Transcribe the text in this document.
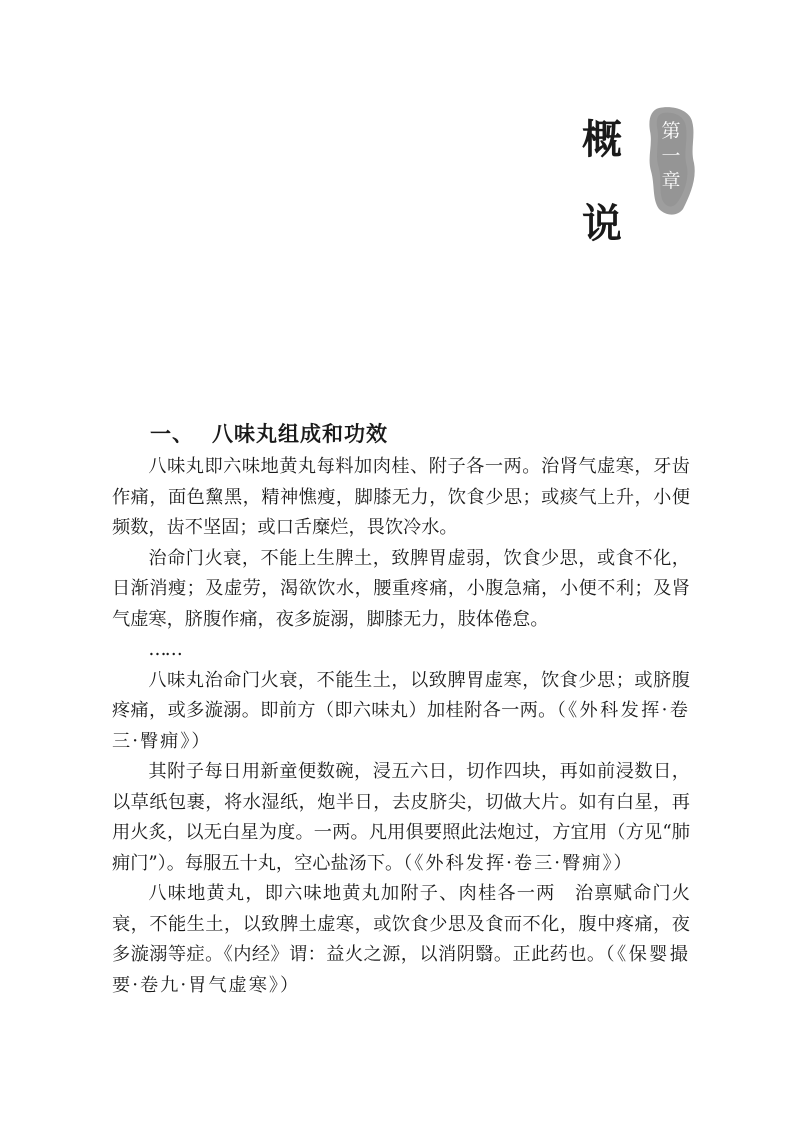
概
说
第
一
章
一、 八味丸组成和功效

八味丸即六味地黄丸每料加肉桂、附子各一两。治肾气虚寒，牙齿作痛，面色黧黑，精神憔瘦，脚膝无力，饮食少思；或痰气上升，小便频数，齿不坚固；或口舌糜烂，畏饮冷水。

治命门火衰，不能上生脾土，致脾胃虚弱，饮食少思，或食不化，日渐消瘦；及虚劳，渴欲饮水，腰重疼痛，小腹急痛，小便不利；及肾气虚寒，脐腹作痛，夜多旋溺，脚膝无力，肢体倦怠。

……

八味丸治命门火衰，不能生土，以致脾胃虚寒，饮食少思；或脐腹疼痛，或多漩溺。即前方（即六味丸）加桂附各一两。（《外科发挥·卷三·臀痈》）

其附子每日用新童便数碗，浸五六日，切作四块，再如前浸数日，以草纸包裹，将水湿纸，炮半日，去皮脐尖，切做大片。如有白星，再用火炙，以无白星为度。一两。凡用俱要照此法炮过，方宜用（方见“肺痈门”）。每服五十丸，空心盐汤下。（《外科发挥·卷三·臀痈》）

八味地黄丸，即六味地黄丸加附子、肉桂各一两　治禀赋命门火衰，不能生土，以致脾土虚寒，或饮食少思及食而不化，腹中疼痛，夜多漩溺等症。《内经》谓：益火之源，以消阴翳。正此药也。（《保婴撮要·卷九·胃气虚寒》）
